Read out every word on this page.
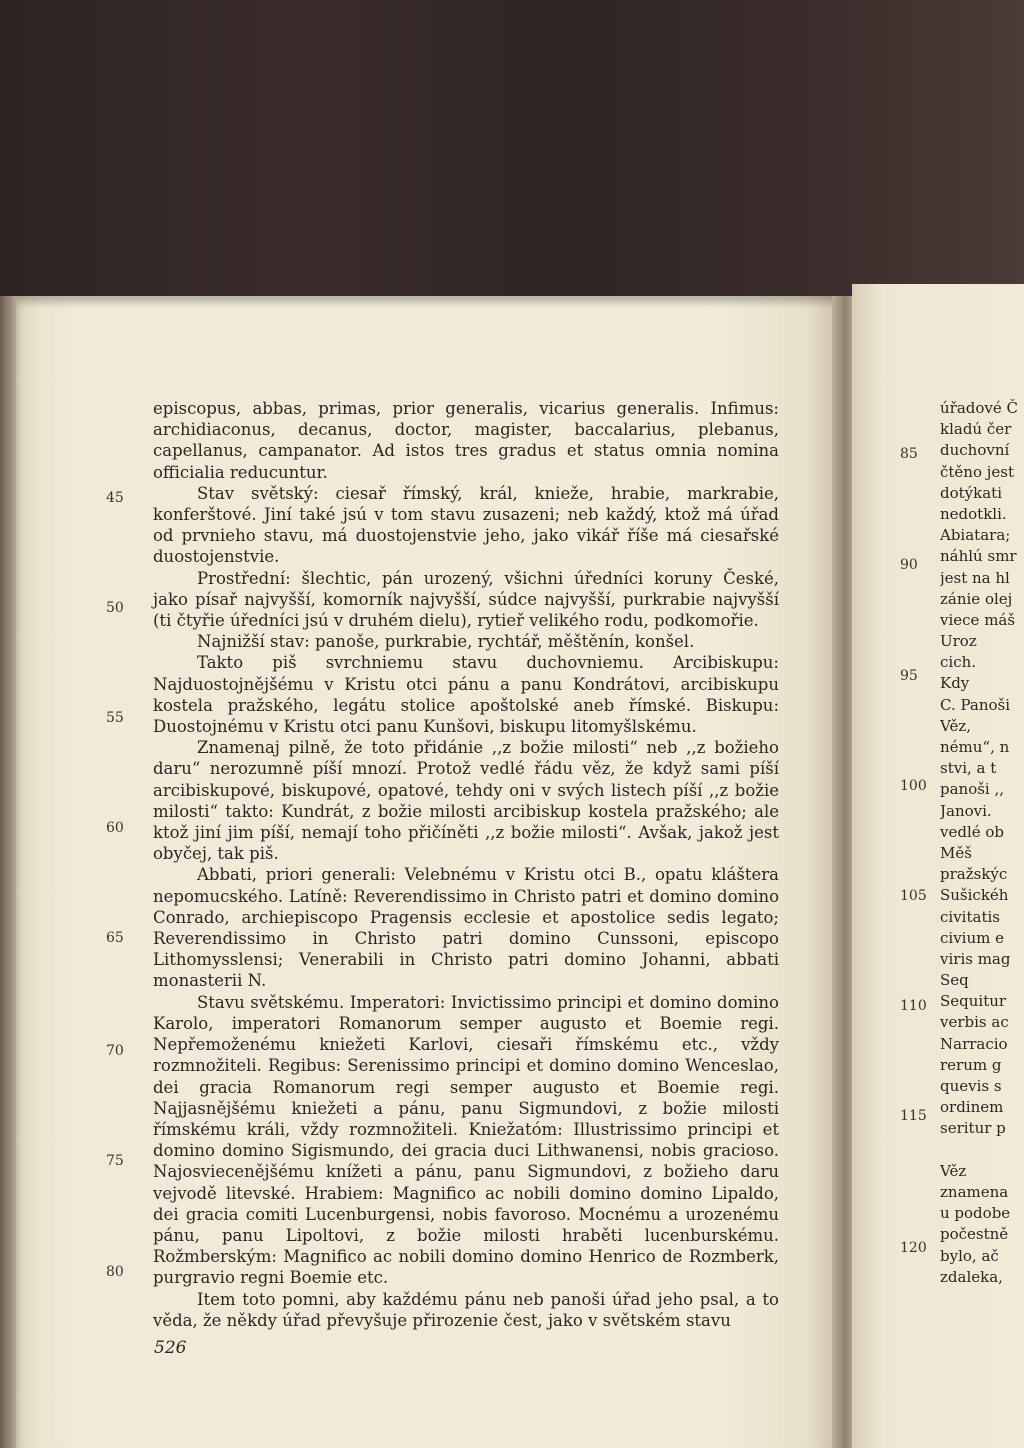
episcopus, abbas, primas, prior generalis, vicarius generalis. Infimus: archidiaconus, decanus, doctor, magister, baccalarius, plebanus, capellanus, campanator. Ad istos tres gradus et status omnia nomina officialia reducuntur.

Stav světský: ciesař římský, král, knieže, hrabie, markrabie, konferštové. Jiní také jsú v tom stavu zusazeni; neb každý, ktož má úřad od prvnieho stavu, má duostojenstvie jeho, jako vikář říše má ciesařské duostojenstvie.

Prostřední: šlechtic, pán urozený, všichni úředníci koruny České, jako písař najvyšší, komorník najvyšší, súdce najvyšší, purkrabie najvyšší (ti čtyřie úředníci jsú v druhém dielu), rytieř velikého rodu, podkomořie.

Najnižší stav: panoše, purkrabie, rychtář, měštěnín, konšel.

Takto piš svrchniemu stavu duchovniemu. Arcibiskupu: Najduostojnějšému v Kristu otci pánu a panu Kondrátovi, arcibiskupu kostela pražského, legátu stolice apoštolské aneb římské. Biskupu: Duostojnému v Kristu otci panu Kunšovi, biskupu litomyšlskému.

Znamenaj pilně, že toto přidánie ,,z božie milosti“ neb ,,z božieho daru“ nerozumně píší mnozí. Protož vedlé řádu věz, že když sami píší arcibiskupové, biskupové, opatové, tehdy oni v svých listech píší ,,z božie milosti“ takto: Kundrát, z božie milosti arcibiskup kostela pražského; ale ktož jiní jim píší, nemají toho přičíněti ,,z božie milosti“. Avšak, jakož jest obyčej, tak piš.

Abbati, priori generali: Velebnému v Kristu otci B., opatu kláštera nepomucského. Latíně: Reverendissimo in Christo patri et domino domino Conrado, archiepiscopo Pragensis ecclesie et apostolice sedis legato; Reverendissimo in Christo patri domino Cunssoni, episcopo Lithomysslensi; Venerabili in Christo patri domino Johanni, abbati monasterii N.

Stavu světskému. Imperatori: Invictissimo principi et domino domino Karolo, imperatori Romanorum semper augusto et Boemie regi. Nepřemoženému kniežeti Karlovi, ciesaři římskému etc., vždy rozmnožiteli. Regibus: Serenissimo principi et domino domino Wenceslao, dei gracia Romanorum regi semper augusto et Boemie regi. Najjasnějšému kniežeti a pánu, panu Sigmundovi, z božie milosti římskému králi, vždy rozmnožiteli. Kniežatóm: Illustrissimo principi et domino domino Sigismundo, dei gracia duci Lithwanensi, nobis gracioso. Najosviecenějšému knížeti a pánu, panu Sigmundovi, z božieho daru vejvodě litevské. Hrabiem: Magnifico ac nobili domino domino Lipaldo, dei gracia comiti Lucenburgensi, nobis favoroso. Mocnému a urozenému pánu, panu Lipoltovi, z božie milosti hraběti lucenburskému. Rožmberským: Magnifico ac nobili domino domino Henrico de Rozmberk, purgravio regni Boemie etc.

Item toto pomni, aby každému pánu neb panoši úřad jeho psal, a to věda, že někdy úřad převyšuje přirozenie čest, jako v světském stavu

45
50
55
60
65
70
75
80
526
úřadové Č
kladú čer
duchovní
čtěno jest
dotýkati
nedotkli.
Abiatara;
náhlú smr
jest na hl
zánie olej
viece máš
Uroz
cich.
Kdy
C. Panoši
Věz,
nému“, n
stvi, a t
panoši ,,
Janovi.
vedlé ob
Měš
pražskýc
Sušickéh
civitatis
civium e
viris mag
Seq
Sequitur
verbis ac
Narracio
rerum g
quevis s
ordinem
seritur p
Věz
znamena
u podobe
počestně
bylo, ač
zdaleka,
85
90
95
100
105
110
115
120
